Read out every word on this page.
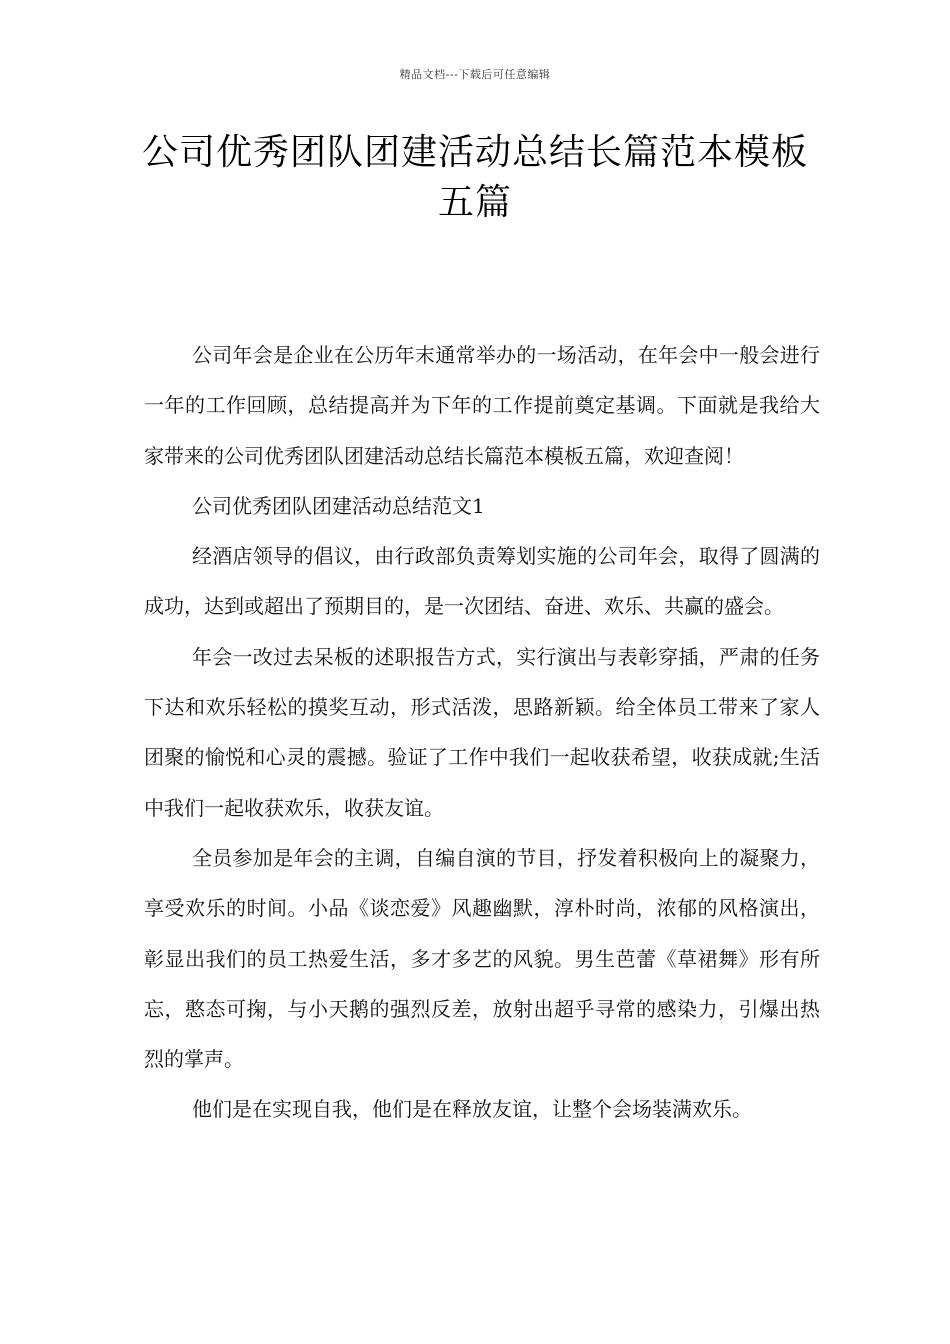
精品文档---下载后可任意编辑
公司优秀团队团建活动总结长篇范本模板五篇

公司年会是企业在公历年末通常举办的一场活动，在年会中一般会进行一年的工作回顾，总结提高并为下年的工作提前奠定基调。下面就是我给大家带来的公司优秀团队团建活动总结长篇范本模板五篇，欢迎查阅！

公司优秀团队团建活动总结范文1

经酒店领导的倡议，由行政部负责筹划实施的公司年会，取得了圆满的成功，达到或超出了预期目的，是一次团结、奋进、欢乐、共赢的盛会。

年会一改过去呆板的述职报告方式，实行演出与表彰穿插，严肃的任务下达和欢乐轻松的摸奖互动，形式活泼，思路新颖。给全体员工带来了家人团聚的愉悦和心灵的震撼。验证了工作中我们一起收获希望，收获成就;生活中我们一起收获欢乐，收获友谊。

全员参加是年会的主调，自编自演的节目，抒发着积极向上的凝聚力，享受欢乐的时间。小品《谈恋爱》风趣幽默，淳朴时尚，浓郁的风格演出，彰显出我们的员工热爱生活，多才多艺的风貌。男生芭蕾《草裙舞》形有所忘，憨态可掬，与小天鹅的强烈反差，放射出超乎寻常的感染力，引爆出热烈的掌声。

他们是在实现自我，他们是在释放友谊，让整个会场装满欢乐。
